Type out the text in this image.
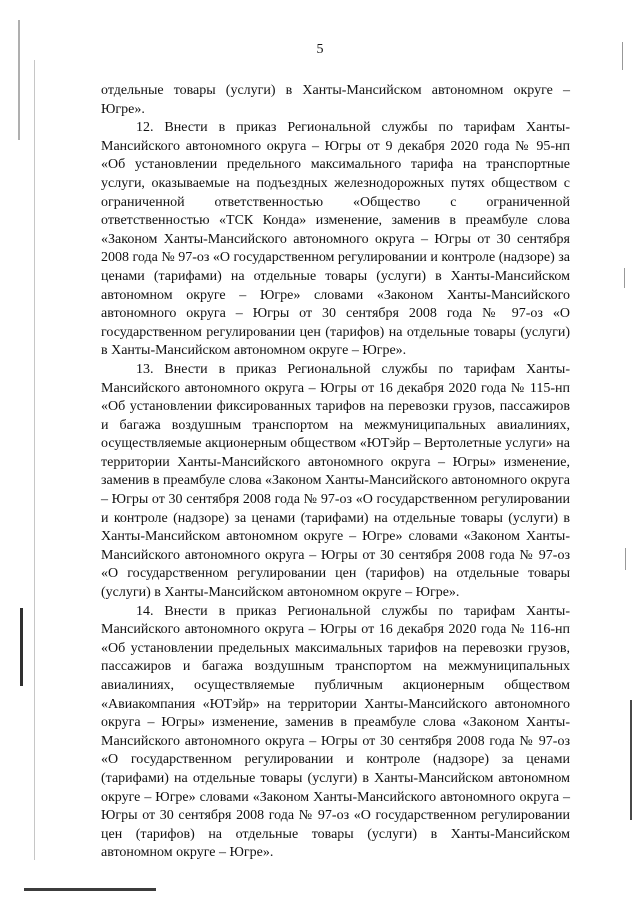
5

отдельные товары (услуги) в Ханты-Мансийском автономном округе – Югре».

12. Внести в приказ Региональной службы по тарифам Ханты-Мансийского автономного округа – Югры от 9 декабря 2020 года № 95-нп «Об установлении предельного максимального тарифа на транспортные услуги, оказываемые на подъездных железнодорожных путях обществом с ограниченной ответственностью «Общество с ограниченной ответственностью «ТСК Конда» изменение, заменив в преамбуле слова «Законом Ханты-Мансийского автономного округа – Югры от 30 сентября 2008 года № 97-оз «О государственном регулировании и контроле (надзоре) за ценами (тарифами) на отдельные товары (услуги) в Ханты-Мансийском автономном округе – Югре» словами «Законом Ханты-Мансийского автономного округа – Югры от 30 сентября 2008 года № 97-оз «О государственном регулировании цен (тарифов) на отдельные товары (услуги) в Ханты-Мансийском автономном округе – Югре».

13. Внести в приказ Региональной службы по тарифам Ханты-Мансийского автономного округа – Югры от 16 декабря 2020 года № 115-нп «Об установлении фиксированных тарифов на перевозки грузов, пассажиров и багажа воздушным транспортом на межмуниципальных авиалиниях, осуществляемые акционерным обществом «ЮТэйр – Вертолетные услуги» на территории Ханты-Мансийского автономного округа – Югры» изменение, заменив в преамбуле слова «Законом Ханты-Мансийского автономного округа – Югры от 30 сентября 2008 года № 97-оз «О государственном регулировании и контроле (надзоре) за ценами (тарифами) на отдельные товары (услуги) в Ханты-Мансийском автономном округе – Югре» словами «Законом Ханты-Мансийского автономного округа – Югры от 30 сентября 2008 года № 97-оз «О государственном регулировании цен (тарифов) на отдельные товары (услуги) в Ханты-Мансийском автономном округе – Югре».

14. Внести в приказ Региональной службы по тарифам Ханты-Мансийского автономного округа – Югры от 16 декабря 2020 года № 116-нп «Об установлении предельных максимальных тарифов на перевозки грузов, пассажиров и багажа воздушным транспортом на межмуниципальных авиалиниях, осуществляемые публичным акционерным обществом «Авиакомпания «ЮТэйр» на территории Ханты-Мансийского автономного округа – Югры» изменение, заменив в преамбуле слова «Законом Ханты-Мансийского автономного округа – Югры от 30 сентября 2008 года № 97-оз «О государственном регулировании и контроле (надзоре) за ценами (тарифами) на отдельные товары (услуги) в Ханты-Мансийском автономном округе – Югре» словами «Законом Ханты-Мансийского автономного округа – Югры от 30 сентября 2008 года № 97-оз «О государственном регулировании цен (тарифов) на отдельные товары (услуги) в Ханты-Мансийском автономном округе – Югре».
